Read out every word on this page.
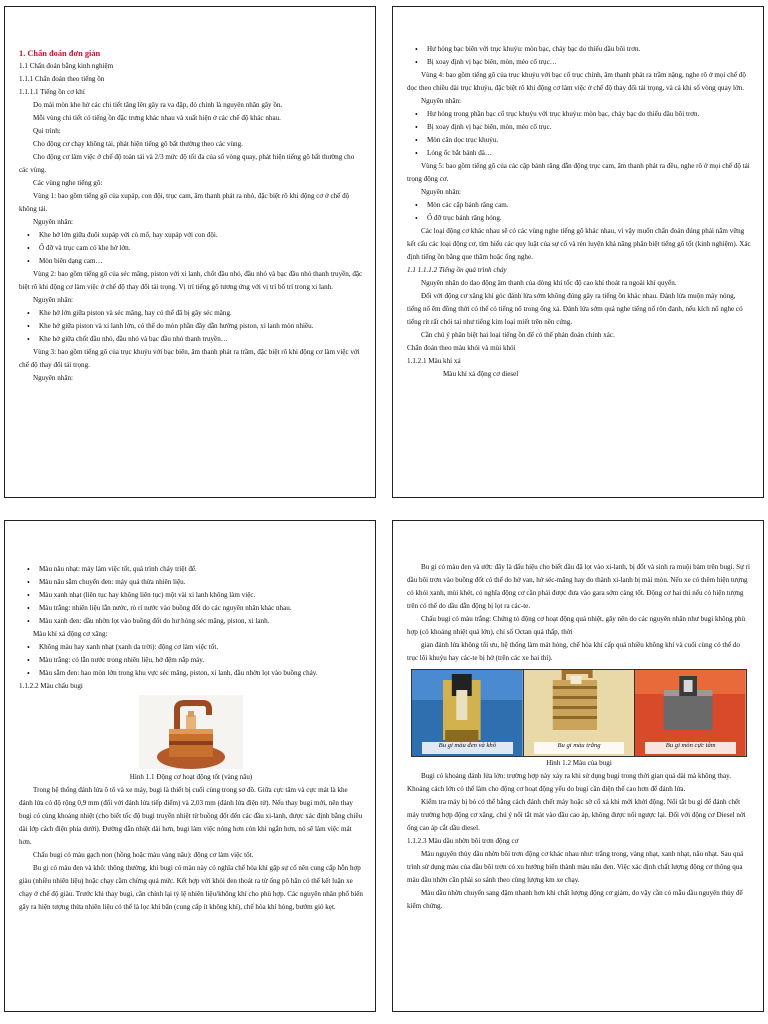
1. Chẩn đoán đơn giản

1.1 Chẩn đoán bằng kinh nghiệm

1.1.1 Chẩn đoán theo tiếng ồn

1.1.1.1 Tiếng ồn cơ khí

Do mài mòn khe hở các chi tiết tăng lên gây ra va đập, đó chính là nguyên nhân gây ồn.

Mỗi vùng chi tiết có tiếng ồn đặc trưng khác nhau và xuất hiện ở các chế độ khác nhau.

Qui trình:

Cho động cơ chạy không tải, phát hiện tiếng gõ bất thường theo các vùng.

Cho động cơ làm việc ở chế độ toàn tải và 2/3 mức độ tối đa của số vòng quay, phát hiện tiếng gõ bất thường cho các vùng.

Các vùng nghe tiếng gõ:

Vùng 1: bao gồm tiếng gõ của xupáp, con đội, trục cam, âm thanh phát ra nhỏ, đặc biệt rõ khi động cơ ở chế độ không tải.

Nguyên nhân:

• Khe hở lớn giữa đuôi xupáp với cò mổ, hay xupáp với con đội.
• Ổ đỡ và trục cam có khe hở lớn.
• Mòn biên dạng cam…

Vùng 2: bao gồm tiếng gõ của séc măng, piston với xi lanh, chốt đầu nhỏ, đầu nhỏ và bạc đầu nhỏ thanh truyền, đặc biệt rõ khi động cơ làm việc ở chế độ thay đổi tải trọng. Vị trí tiếng gõ tương ứng với vị trí bố trí trong xi lanh.

Nguyên nhân:

• Khe hở lớn giữa piston và séc măng, hay có thể đã bị gãy séc măng.
• Khe hở giữa piston và xi lanh lớn, có thể do mòn phần đầy dẫn hướng piston, xi lanh mòn nhiều.
• Khe hở giữa chốt đầu nhỏ, đầu nhỏ và bạc đầu nhỏ thanh truyền…

Vùng 3: bao gồm tiếng gõ của trục khuỷu với bạc biên, âm thanh phát ra trầm, đặc biệt rõ khi động cơ làm việc với chế độ thay đổi tải trọng.

Nguyên nhân:

• Hư hỏng bạc biên với trục khuỷu: mòn bạc, cháy bạc do thiếu dầu bôi trơn.
• Bị xoay định vị bạc biên, mòn, méo cổ trục…

Vùng 4: bao gồm tiếng gõ của trục khuỷu với bạc cổ trục chính, âm thanh phát ra trầm nặng, nghe rõ ở mọi chế độ dọc theo chiều dài trục khuỷu, đặc biệt rõ khi động cơ làm việc ở chế độ thay đổi tải trọng, và cả khi số vòng quay lớn.

Nguyên nhân:

• Hư hỏng trong phần bạc cổ trục khuỷu với trục khuỷu: mòn bạc, cháy bạc do thiếu dầu bôi trơn.
• Bị xoay định vị bạc biên, mòn, méo cổ trục.
• Mòn cân dọc trục khuỷu.
• Lỏng ốc bắt bánh đà…

Vùng 5: bao gồm tiếng gõ của các cặp bánh răng dẫn động trục cam, âm thanh phát ra đều, nghe rõ ở mọi chế độ tải trọng động cơ.

Nguyên nhân:

• Mòn các cặp bánh răng cam.
• Ổ đỡ trục bánh răng hỏng.

Các loại động cơ khác nhau sẽ có các vùng nghe tiếng gõ khác nhau, vì vậy muốn chẩn đoán đúng phải nắm vững kết cấu các loại động cơ, tìm hiểu các quy luật của sự cố và rèn luyện khả năng phân biệt tiếng gõ tốt (kinh nghiệm). Xác định tiếng ồn bằng que thăm hoặc ống nghe.

1.1 1.1.1.2 Tiếng ồn quá trình cháy

Nguyên nhân do dao động âm thanh của dòng khí tốc độ cao khí thoát ra ngoài khí quyển.

Đối với động cơ xăng khi góc đánh lửa sớm không đúng gây ra tiếng ồn khác nhau. Đánh lửa muộn máy nóng, tiếng nổ êm đồng thời có thể có tiếng nổ trong ống xả. Đánh lửa sớm quá nghe tiếng nổ rõn đanh, nếu kích nổ nghe có tiếng rít rất chói tai như tiếng kim loại miết trên nền cứng.

Cần chú ý phân biệt hai loại tiếng ồn để có thể phán đoán chính xác.

Chẩn đoán theo màu khói và mùi khói

1.1.2.1 Màu khí xả

Màu khí xả động cơ diesel

• Màu nâu nhạt: máy làm việc tốt, quá trình cháy triệt để.
• Màu nâu sẫm chuyển đen: máy quá thừa nhiên liệu.
• Màu xanh nhạt (liên tục hay không liên tục) một vài xi lanh không làm việc.
• Màu trắng: nhiên liệu lẫn nước, rò rỉ nước vào buồng đốt do các nguyên nhân khác nhau.
• Màu xanh đen: dầu nhờn lọt vào buồng đốt do hư hỏng séc măng, piston, xi lanh.

Màu khí xả động cơ xăng:

• Không màu hay xanh nhạt (xanh da trời): động cơ làm việc tốt.
• Màu trắng: có lẫn nước trong nhiên liệu, hở đệm nắp máy.
• Màu sẫm đen: hao mòn lớn trong khu vực séc măng, piston, xi lanh, dầu nhờn lọt vào buồng cháy.

1.1.2.2 Màu chấu bugi

Hình 1.1 Động cơ hoạt động tốt (vàng nâu)

Trong hệ thống đánh lửa ô tô và xe máy, bugi là thiết bị cuối cùng trong sơ đồ. Giữa cực tâm và cực mát là khe đánh lửa có độ rộng 0,9 mm (đối với đánh lửa tiếp điểm) và 2,03 mm (đánh lửa điện tử). Nếu thay bugi mới, nên thay bugi có cùng khoảng nhiệt (cho biết tốc độ bugi truyền nhiệt từ buồng đốt đến các đầu xi-lanh, được xác định bằng chiều dài lớp cách điện phía dưới). Đường dẫn nhiệt dài hơn, bugi làm việc nóng hơn còn khi ngắn hơn, nó sẽ làm việc mát hơn.

Chấu bugi có màu gạch non (hồng hoặc màu vàng nâu): động cơ làm việc tốt.

Bu gi có màu đen và khô: thông thường, khi bugi có màu này có nghĩa chế hòa khí gặp sự cố nên cung cấp hỗn hợp giàu (nhiều nhiên liệu) hoặc chạy cầm chừng quá mức. Kết hợp với khói đen thoát ra từ ống pô hăn có thể kết luận xe chạy ở chế độ giàu. Trước khi thay bugi, cần chỉnh lại tỷ lệ nhiên liệu/không khí cho phù hợp. Các nguyên nhân phổ biến gây ra hiện tượng thừa nhiên liệu có thể là lọc khí bẩn (cung cấp ít không khí), chế hòa khí hỏng, bướm gió kẹt.

Bu gi có màu đen và ướt: đây là dấu hiệu cho biết dầu đã lọt vào xi-lanh, bị đốt và sinh ra muội bám trên bugi. Sự rỉ dầu bôi trơn vào buồng đốt có thể do hở van, hở séc-măng hay do thành xi-lanh bị mài mòn. Nếu xe có thêm hiện tượng có khói xanh, mùi khét, có nghĩa động cơ cần phải được đưa vào gara sớm càng tốt. Động cơ hai thì nếu có hiện tượng trên có thể do dầu dẫn động bị lọt ra các-te.

Chấu bugi có màu trắng: Chứng tỏ động cơ hoạt động quá nhiệt, gây nên do các nguyên nhân như bugi không phù hợp (có khoảng nhiệt quá lớn), chỉ số Octan quá thấp, thời

gian đánh lửa không tối ưu, hệ thống làm mát hỏng, chế hòa khí cấp quá nhiều không khí và cuối cùng có thể do trục lõi khuỷu hay các-te bị hở (trên các xe hai thì).

Bu gi màu đen và khô	Bu gi màu trắng	Bu gi mòn cực tâm

Hình 1.2 Màu của bugi

Bugi có khoảng đánh lửa lớn: trường hợp này xảy ra khi sử dụng bugi trong thời gian quá dài mà không thay. Khoảng cách lớn có thể làm cho động cơ hoạt động yếu do bugi cần điện thế cao hơn để đánh lửa.

Kiểm tra máy bị bó có thể bằng cách đánh chết máy hoặc sờ cổ xả khi mới khởi động. Nổi tắt bu gi để đánh chết máy trường hợp động cơ xăng, chú ý nổi tắt mát vào đầu cao áp, không được nối ngược lại. Đối với động cơ Diesel nới ống cao áp cắt dầu diesel.

1.1.2.3 Màu dầu nhờn bôi trơn động cơ

Màu nguyên thủy dầu nhờn bôi trơn động cơ khác nhau như: trắng trong, vàng nhạt, xanh nhạt, nâu nhạt. Sau quá trình sử dụng màu của dầu bôi trơn có xu hướng biến thành màu nâu đen. Việc xác định chất lượng động cơ thông qua màu dầu nhờn cần phải so sánh theo cùng lượng km xe chạy.

Màu dầu nhờn chuyển sang đậm nhanh hơn khi chất lượng động cơ giảm, do vậy cần có mẫu dầu nguyên thủy để kiểm chứng.
